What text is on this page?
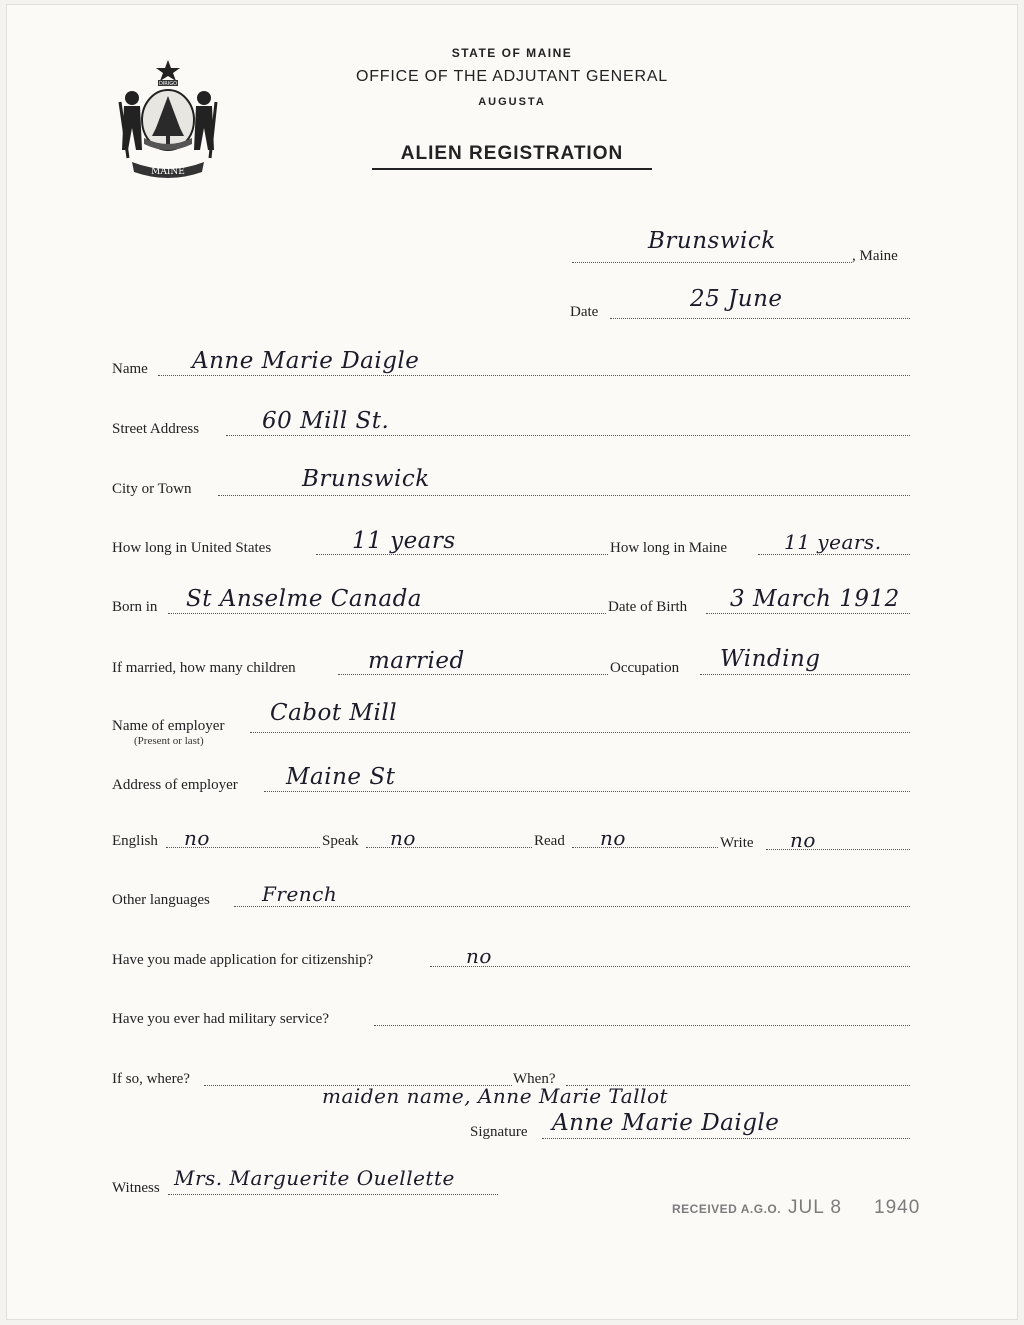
DIRIGO
MAINE
STATE OF MAINE
OFFICE OF THE ADJUTANT GENERAL
AUGUSTA
ALIEN REGISTRATION
Brunswick
, Maine
Date	25 June
Name Anne Marie Daigle
Street Address	60 Mill St.
City or Town	Brunswick
How long in United States	11 years	How long in Maine	11 years.
Born in St Anselme Canada	Date of Birth 3 March 1912
If married, how many children	married	Occupation Winding
Name of employer
(Present or last)
Cabot Mill
Address of employer Maine St
English no	Speak no	Read no	Write no
Other languages	French
Have you made application for citizenship?	no
Have you ever had military service?
If so, where?	When?
maiden name, Anne Marie Tallot
Signature Anne Marie Daigle
Witness Mrs. Marguerite Ouellette
RECEIVED A.G.O. JUL 8 1940
